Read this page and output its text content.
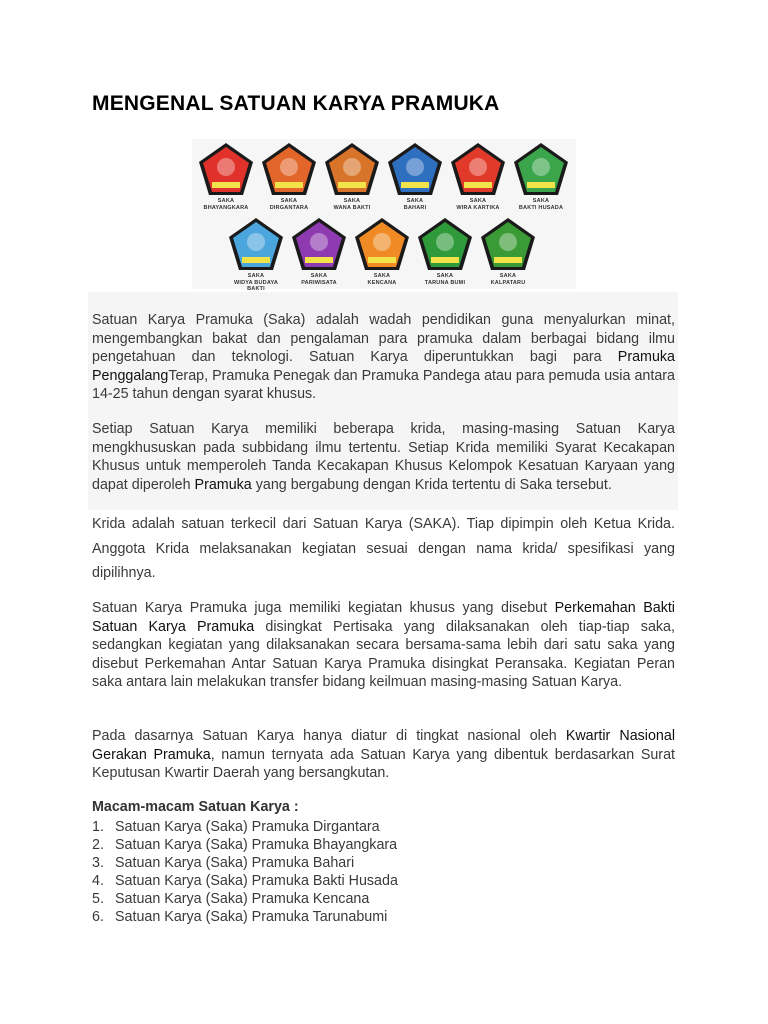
MENGENAL SATUAN KARYA PRAMUKA
SAKA
BHAYANGKARA
SAKA
DIRGANTARA
SAKA
WANA BAKTI
SAKA
BAHARI
SAKA
WIRA KARTIKA
SAKA
BAKTI HUSADA
SAKA
WIDYA BUDAYA BAKTI
SAKA
PARIWISATA
SAKA
KENCANA
SAKA
TARUNA BUMI
SAKA
KALPATARU

Satuan Karya Pramuka (Saka) adalah wadah pendidikan guna menyalurkan minat, mengembangkan bakat dan pengalaman para pramuka dalam berbagai bidang ilmu pengetahuan dan teknologi. Satuan Karya diperuntukkan bagi para Pramuka PenggalangTerap, Pramuka Penegak dan Pramuka Pandega atau para pemuda usia antara 14-25 tahun dengan syarat khusus.

Setiap Satuan Karya memiliki beberapa krida, masing-masing Satuan Karya mengkhususkan pada subbidang ilmu tertentu. Setiap Krida memiliki Syarat Kecakapan Khusus untuk memperoleh Tanda Kecakapan Khusus Kelompok Kesatuan Karyaan yang dapat diperoleh Pramuka yang bergabung dengan Krida tertentu di Saka tersebut.

Krida adalah satuan terkecil dari Satuan Karya (SAKA). Tiap dipimpin oleh Ketua Krida. Anggota Krida melaksanakan kegiatan sesuai dengan nama krida/ spesifikasi yang dipilihnya.

Satuan Karya Pramuka juga memiliki kegiatan khusus yang disebut Perkemahan Bakti Satuan Karya Pramuka disingkat Pertisaka yang dilaksanakan oleh tiap-tiap saka, sedangkan kegiatan yang dilaksanakan secara bersama-sama lebih dari satu saka yang disebut Perkemahan Antar Satuan Karya Pramuka disingkat Peransaka. Kegiatan Peran saka antara lain melakukan transfer bidang keilmuan masing-masing Satuan Karya.

Pada dasarnya Satuan Karya hanya diatur di tingkat nasional oleh Kwartir Nasional Gerakan Pramuka, namun ternyata ada Satuan Karya yang dibentuk berdasarkan Surat Keputusan Kwartir Daerah yang bersangkutan.

Macam-macam Satuan Karya :

1. Satuan Karya (Saka) Pramuka Dirgantara
2. Satuan Karya (Saka) Pramuka Bhayangkara
3. Satuan Karya (Saka) Pramuka Bahari
4. Satuan Karya (Saka) Pramuka Bakti Husada
5. Satuan Karya (Saka) Pramuka Kencana
6. Satuan Karya (Saka) Pramuka Tarunabumi
